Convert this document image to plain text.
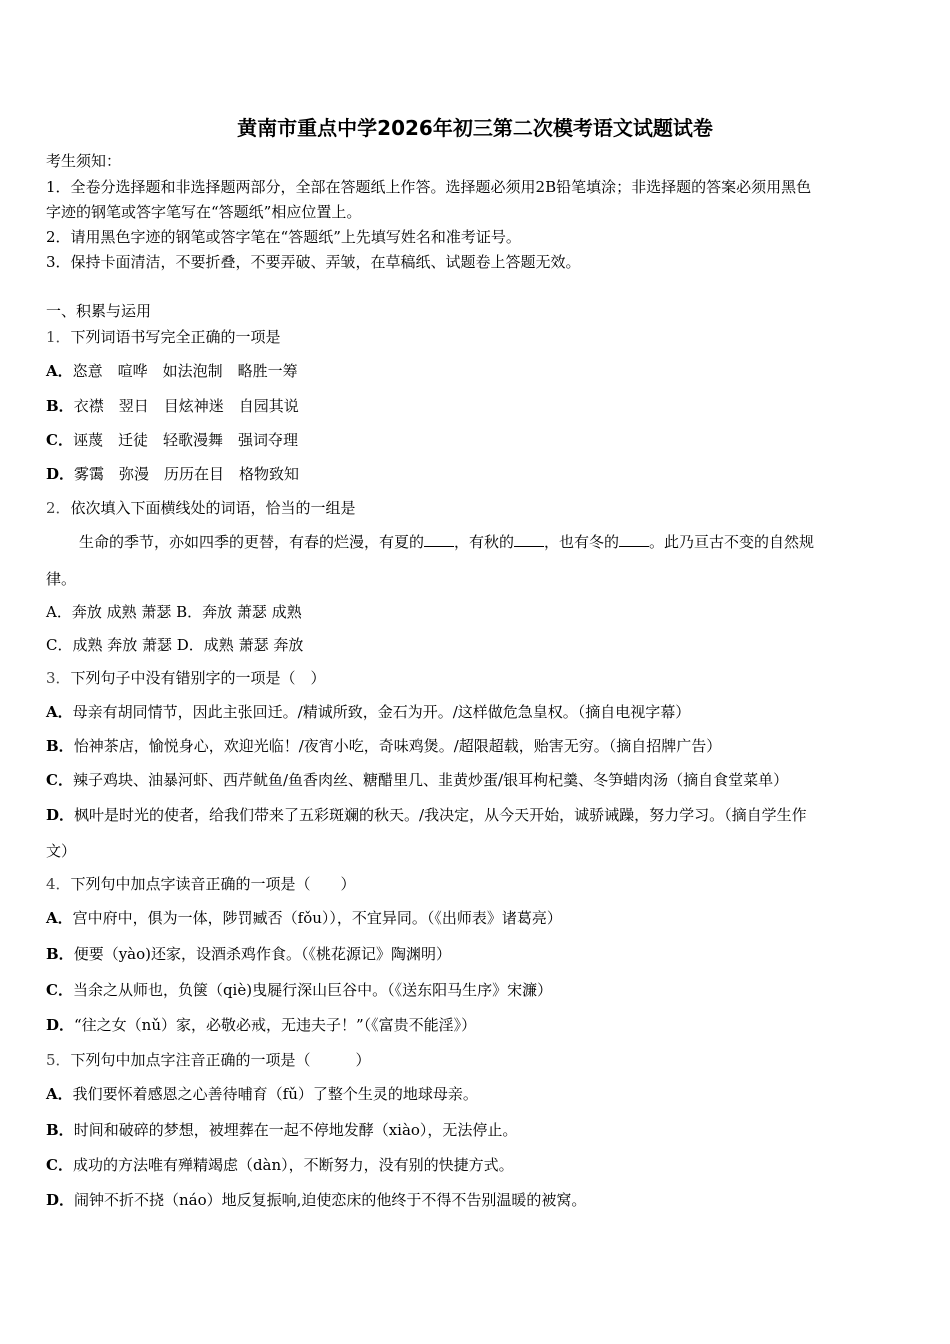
黄南市重点中学2026年初三第二次模考语文试题试卷
考生须知：
1．全卷分选择题和非选择题两部分，全部在答题纸上作答。选择题必须用2B铅笔填涂；非选择题的答案必须用黑色
字迹的钢笔或答字笔写在“答题纸”相应位置上。
2．请用黑色字迹的钢笔或答字笔在“答题纸”上先填写姓名和准考证号。
3．保持卡面清洁，不要折叠，不要弄破、弄皱，在草稿纸、试题卷上答题无效。
一、积累与运用
1．下列词语书写完全正确的一项是
A．恣意　喧哗　如法泡制　略胜一筹
B．衣襟　翌日　目炫神迷　自园其说
C．诬蔑　迁徒　轻歌漫舞　强词夺理
D．雾霭　弥漫　历历在目　格物致知
2．依次填入下面横线处的词语，恰当的一组是
生命的季节，亦如四季的更替，有春的烂漫，有夏的 ，有秋的 ，也有冬的 。此乃亘古不变的自然规
律。
A．奔放 成熟 萧瑟 B．奔放 萧瑟 成熟
C．成熟 奔放 萧瑟 D．成熟 萧瑟 奔放
3．下列句子中没有错别字的一项是（　）
A．母亲有胡同情节，因此主张回迁。/精诚所致，金石为开。/这样做危急皇权。（摘自电视字幕）
B．怡神茶店，愉悦身心，欢迎光临！/夜宵小吃，奇味鸡煲。/超限超载，贻害无穷。（摘自招牌广告）
C．辣子鸡块、油暴河虾、西芹鱿鱼/鱼香肉丝、糖醋里几、韭黄炒蛋/银耳枸杞羹、冬笋蜡肉汤（摘自食堂菜单）
D．枫叶是时光的使者，给我们带来了五彩斑斓的秋天。/我决定，从今天开始，诚骄诫躁，努力学习。（摘自学生作
文）
4．下列句中加点字读音正确的一项是（　　）
A．宫中府中，俱为一体，陟罚臧否（fǒu）），不宜异同。（《出师表》诸葛亮）
B．便要（yào)还家，设酒杀鸡作食。（《桃花源记》陶渊明）
C．当余之从师也，负箧（qiè)曳屣行深山巨谷中。（《送东阳马生序》宋濂）
D．“往之女（nǔ）家，必敬必戒，无违夫子！”（《富贵不能淫》）
5．下列句中加点字注音正确的一项是（　　　）
A．我们要怀着感恩之心善待哺育（fǔ）了整个生灵的地球母亲。
B．时间和破碎的梦想，被埋葬在一起不停地发酵（xiào），无法停止。
C．成功的方法唯有殚精竭虑（dàn），不断努力，没有别的快捷方式。
D．闹钟不折不挠（náo）地反复振响,迫使恋床的他终于不得不告别温暖的被窝。
